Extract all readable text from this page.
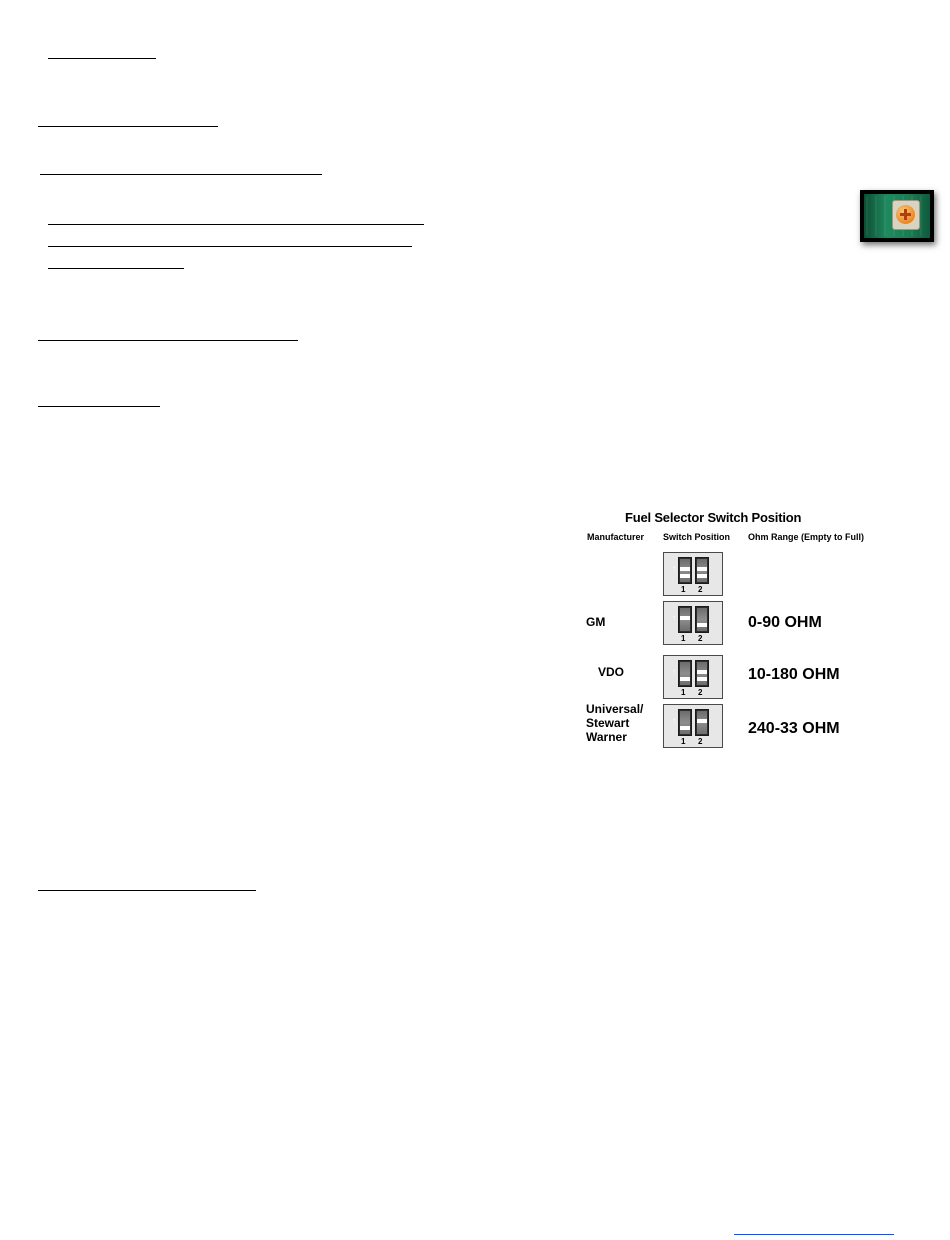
Fuel Selector Switch Position
Manufacturer Switch Position Ohm Range (Empty to Full)
↑
1 2
GM	↑
1 2
0-90 OHM
VDO	↑
1 2
10-180 OHM
Universal/
Stewart
Warner
↑
1 2
240-33 OHM
